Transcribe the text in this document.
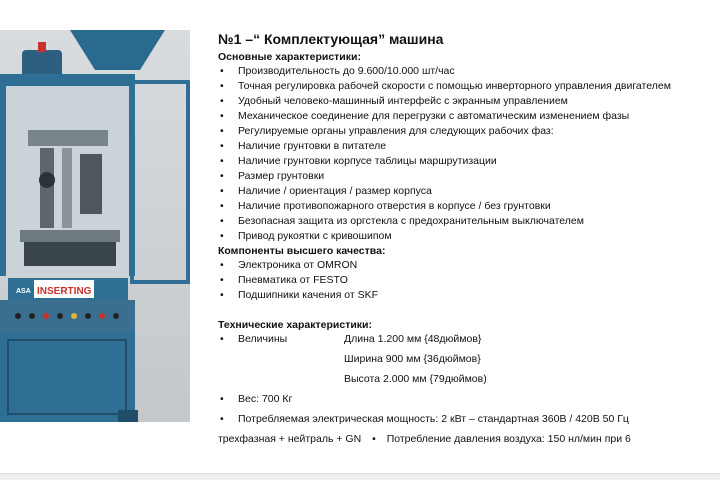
ASA INSERTING
№1 –“ Комплектующая” машина
Основные характеристики:
• Производительность до 9.600/10.000 шт/час
• Точная регулировка рабочей скорости с помощью инверторного управления двигателем
• Удобный человеко-машинный интерфейс с экранным управлением
• Механическое соединение для перегрузки с автоматическим изменением фазы
• Регулируемые органы управления для следующих рабочих фаз:
• Наличие грунтовки в питателе
• Наличие грунтовки корпусе таблицы маршрутизации
• Размер грунтовки
• Наличие / ориентация / размер корпуса
• Наличие противопожарного отверстия в корпусе / без грунтовки
• Безопасная защита из оргстекла с предохранительным выключателем
• Привод рукоятки с кривошипом
Компоненты высшего качества:
• Электроника от OMRON
• Пневматика от FESTO
• Подшипники качения от SKF
Технические характеристики:
• Величины	Длина 1.200 мм {48дюймов}
Ширина 900 мм {36дюймов}
Высота 2.000 мм {79дюймов)
• Вес: 700 Кг
• Потребляемая электрическая мощность: 2 кВт – стандартная 360В / 420В 50 Гц
трехфазная + нейтраль + GN • Потребление давления воздуха: 150 нл/мин при 6
